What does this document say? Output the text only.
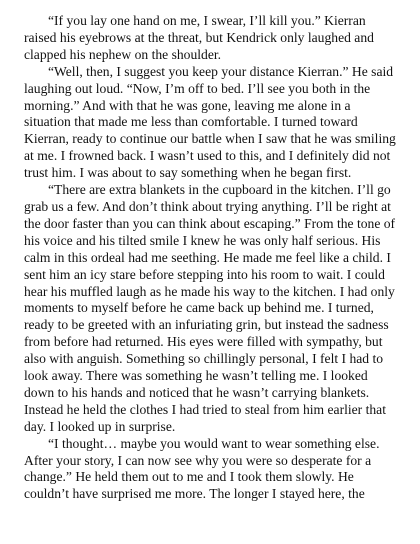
“If you lay one hand on me, I swear, I’ll kill you.” Kierran raised his eyebrows at the threat, but Kendrick only laughed and clapped his nephew on the shoulder.

“Well, then, I suggest you keep your distance Kierran.” He said laughing out loud. “Now, I’m off to bed. I’ll see you both in the morning.” And with that he was gone, leaving me alone in a situation that made me less than comfortable. I turned toward Kierran, ready to continue our battle when I saw that he was smiling at me. I frowned back. I wasn’t used to this, and I definitely did not trust him. I was about to say something when he began first.

“There are extra blankets in the cupboard in the kitchen. I’ll go grab us a few. And don’t think about trying anything. I’ll be right at the door faster than you can think about escaping.” From the tone of his voice and his tilted smile I knew he was only half serious. His calm in this ordeal had me seething. He made me feel like a child. I sent him an icy stare before stepping into his room to wait. I could hear his muffled laugh as he made his way to the kitchen. I had only moments to myself before he came back up behind me. I turned, ready to be greeted with an infuriating grin, but instead the sadness from before had returned. His eyes were filled with sympathy, but also with anguish. Something so chillingly personal, I felt I had to look away. There was something he wasn’t telling me. I looked down to his hands and noticed that he wasn’t carrying blankets. Instead he held the clothes I had tried to steal from him earlier that day. I looked up in surprise.

“I thought… maybe you would want to wear something else. After your story, I can now see why you were so desperate for a change.” He held them out to me and I took them slowly. He couldn’t have surprised me more. The longer I stayed here, the
